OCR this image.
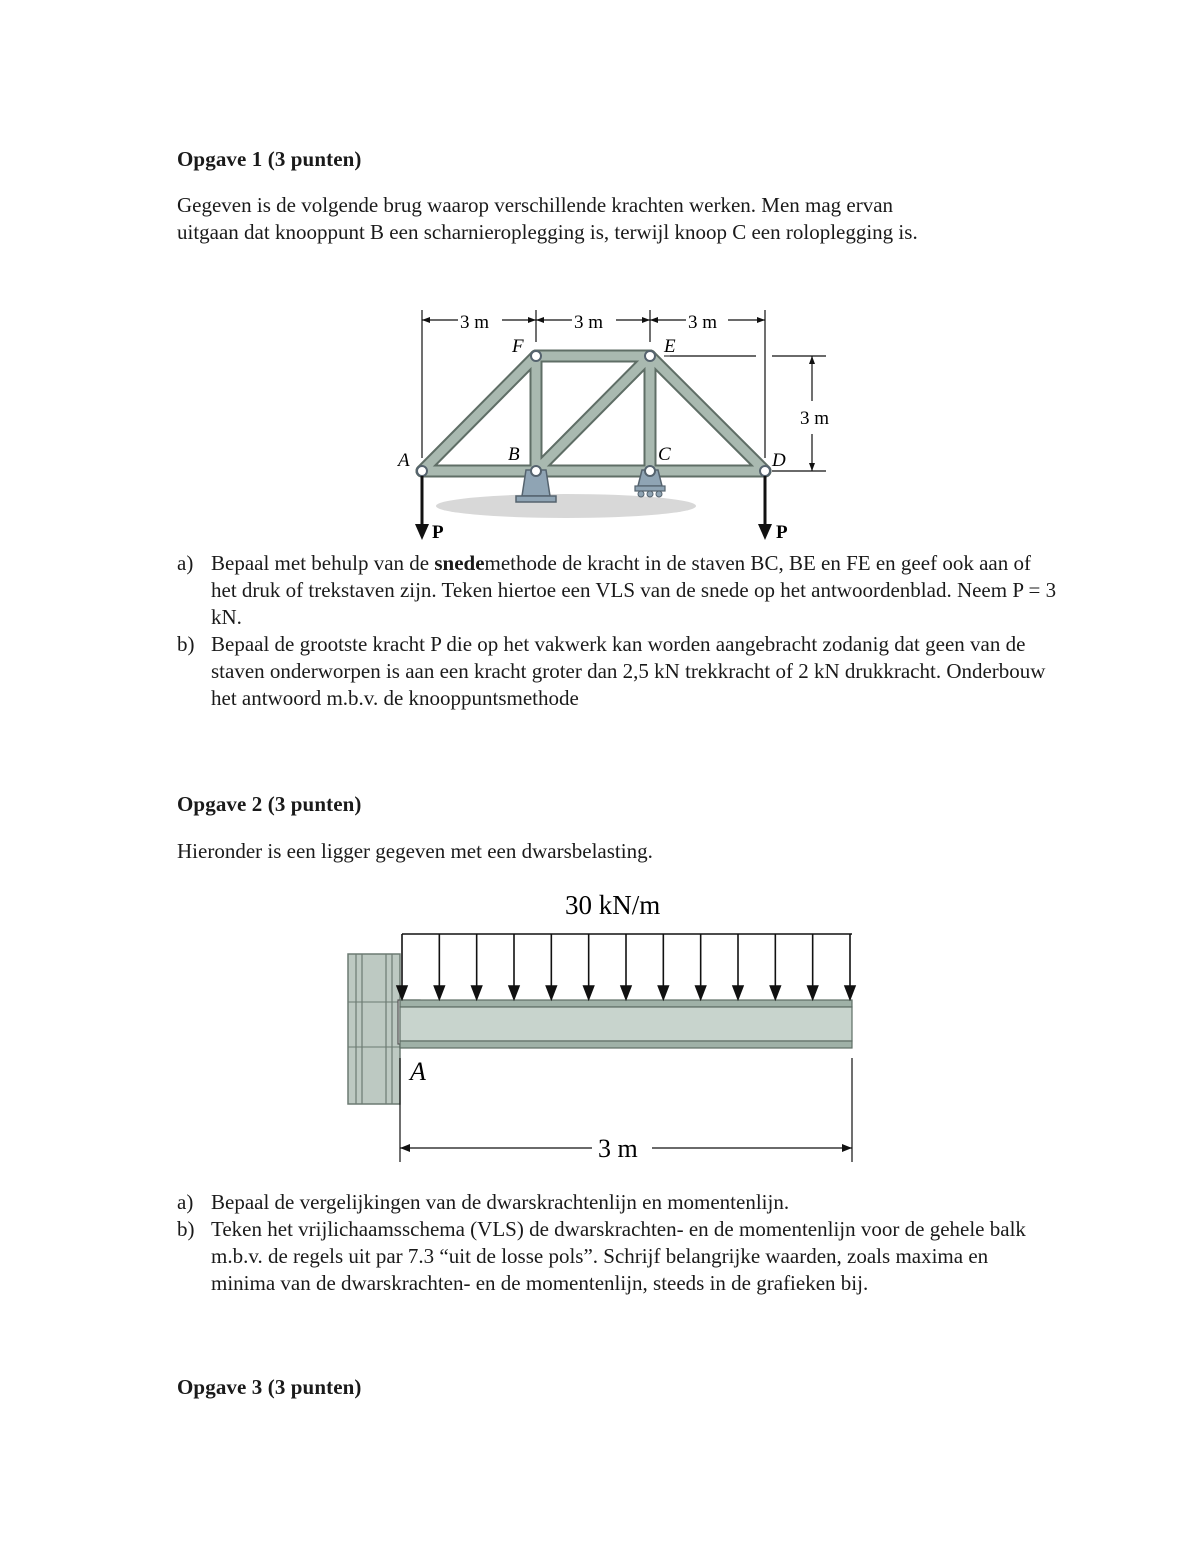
Opgave 1 (3 punten)
Gegeven is de volgende brug waarop verschillende krachten werken. Men mag ervan
uitgaan dat knooppunt B een scharnieroplegging is, terwijl knoop C een roloplegging is.
P	P
3 m	3 m	3 m
3 m
A	B	C	D
E
F
a) Bepaal met behulp van de snedemethode de kracht in de staven BC, BE en FE en geef ook aan of het druk of trekstaven zijn. Teken hiertoe een VLS van de snede op het antwoordenblad. Neem P = 3 kN.
b) Bepaal de grootste kracht P die op het vakwerk kan worden aangebracht zodanig dat geen van de staven onderworpen is aan een kracht groter dan 2,5 kN trekkracht of 2 kN drukkracht. Onderbouw het antwoord m.b.v. de knooppuntsmethode
Opgave 2 (3 punten)
Hieronder is een ligger gegeven met een dwarsbelasting.
30 kN/m
A
3 m
a) Bepaal de vergelijkingen van de dwarskrachtenlijn en momentenlijn.
b) Teken het vrijlichaamsschema (VLS) de dwarskrachten- en de momentenlijn voor de gehele balk m.b.v. de regels uit par 7.3 “uit de losse pols”. Schrijf belangrijke waarden, zoals maxima en minima van de dwarskrachten- en de momentenlijn, steeds in de grafieken bij.
Opgave 3 (3 punten)
